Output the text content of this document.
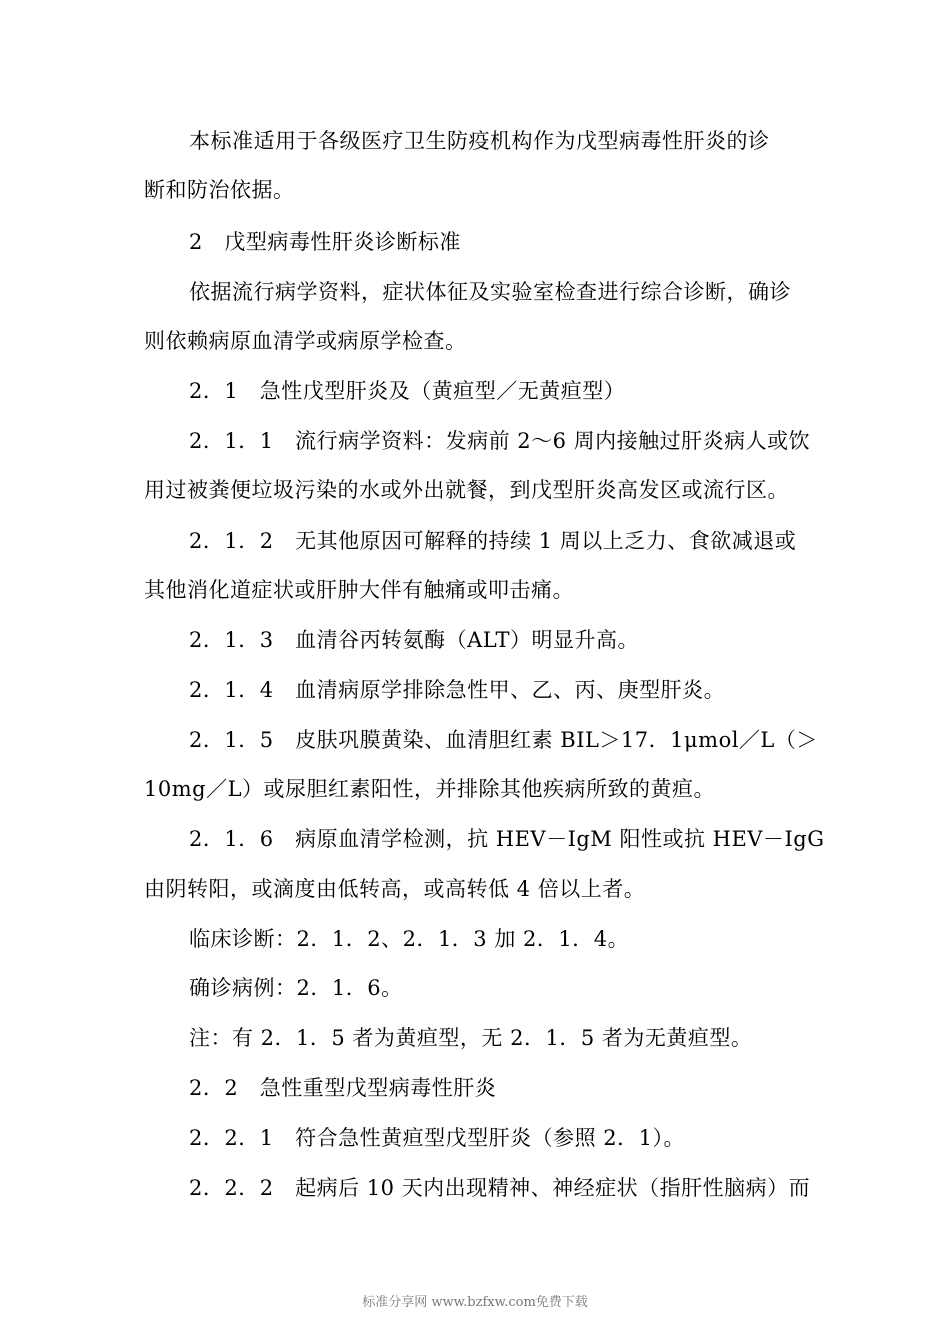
本标准适用于各级医疗卫生防疫机构作为戊型病毒性肝炎的诊
断和防治依据。
2　戊型病毒性肝炎诊断标准
依据流行病学资料，症状体征及实验室检查进行综合诊断，确诊
则依赖病原血清学或病原学检查。
2．1　急性戊型肝炎及（黄疸型／无黄疸型）
2．1．1　流行病学资料：发病前 2～6 周内接触过肝炎病人或饮
用过被粪便垃圾污染的水或外出就餐，到戊型肝炎高发区或流行区。
2．1．2　无其他原因可解释的持续 1 周以上乏力、食欲减退或
其他消化道症状或肝肿大伴有触痛或叩击痛。
2．1．3　血清谷丙转氨酶（ALT）明显升高。
2．1．4　血清病原学排除急性甲、乙、丙、庚型肝炎。
2．1．5　皮肤巩膜黄染、血清胆红素 BIL＞17．1μmol／L（＞
10mg／L）或尿胆红素阳性，并排除其他疾病所致的黄疸。
2．1．6　病原血清学检测，抗 HEV－IgM 阳性或抗 HEV－IgG
由阴转阳，或滴度由低转高，或高转低 4 倍以上者。
临床诊断：2．1．2、2．1．3 加 2．1．4。
确诊病例：2．1．6。
注：有 2．1．5 者为黄疸型，无 2．1．5 者为无黄疸型。
2．2　急性重型戊型病毒性肝炎
2．2．1　符合急性黄疸型戊型肝炎（参照 2．1）。
2．2．2　起病后 10 天内出现精神、神经症状（指肝性脑病）而
标准分享网 www.bzfxw.com免费下载
